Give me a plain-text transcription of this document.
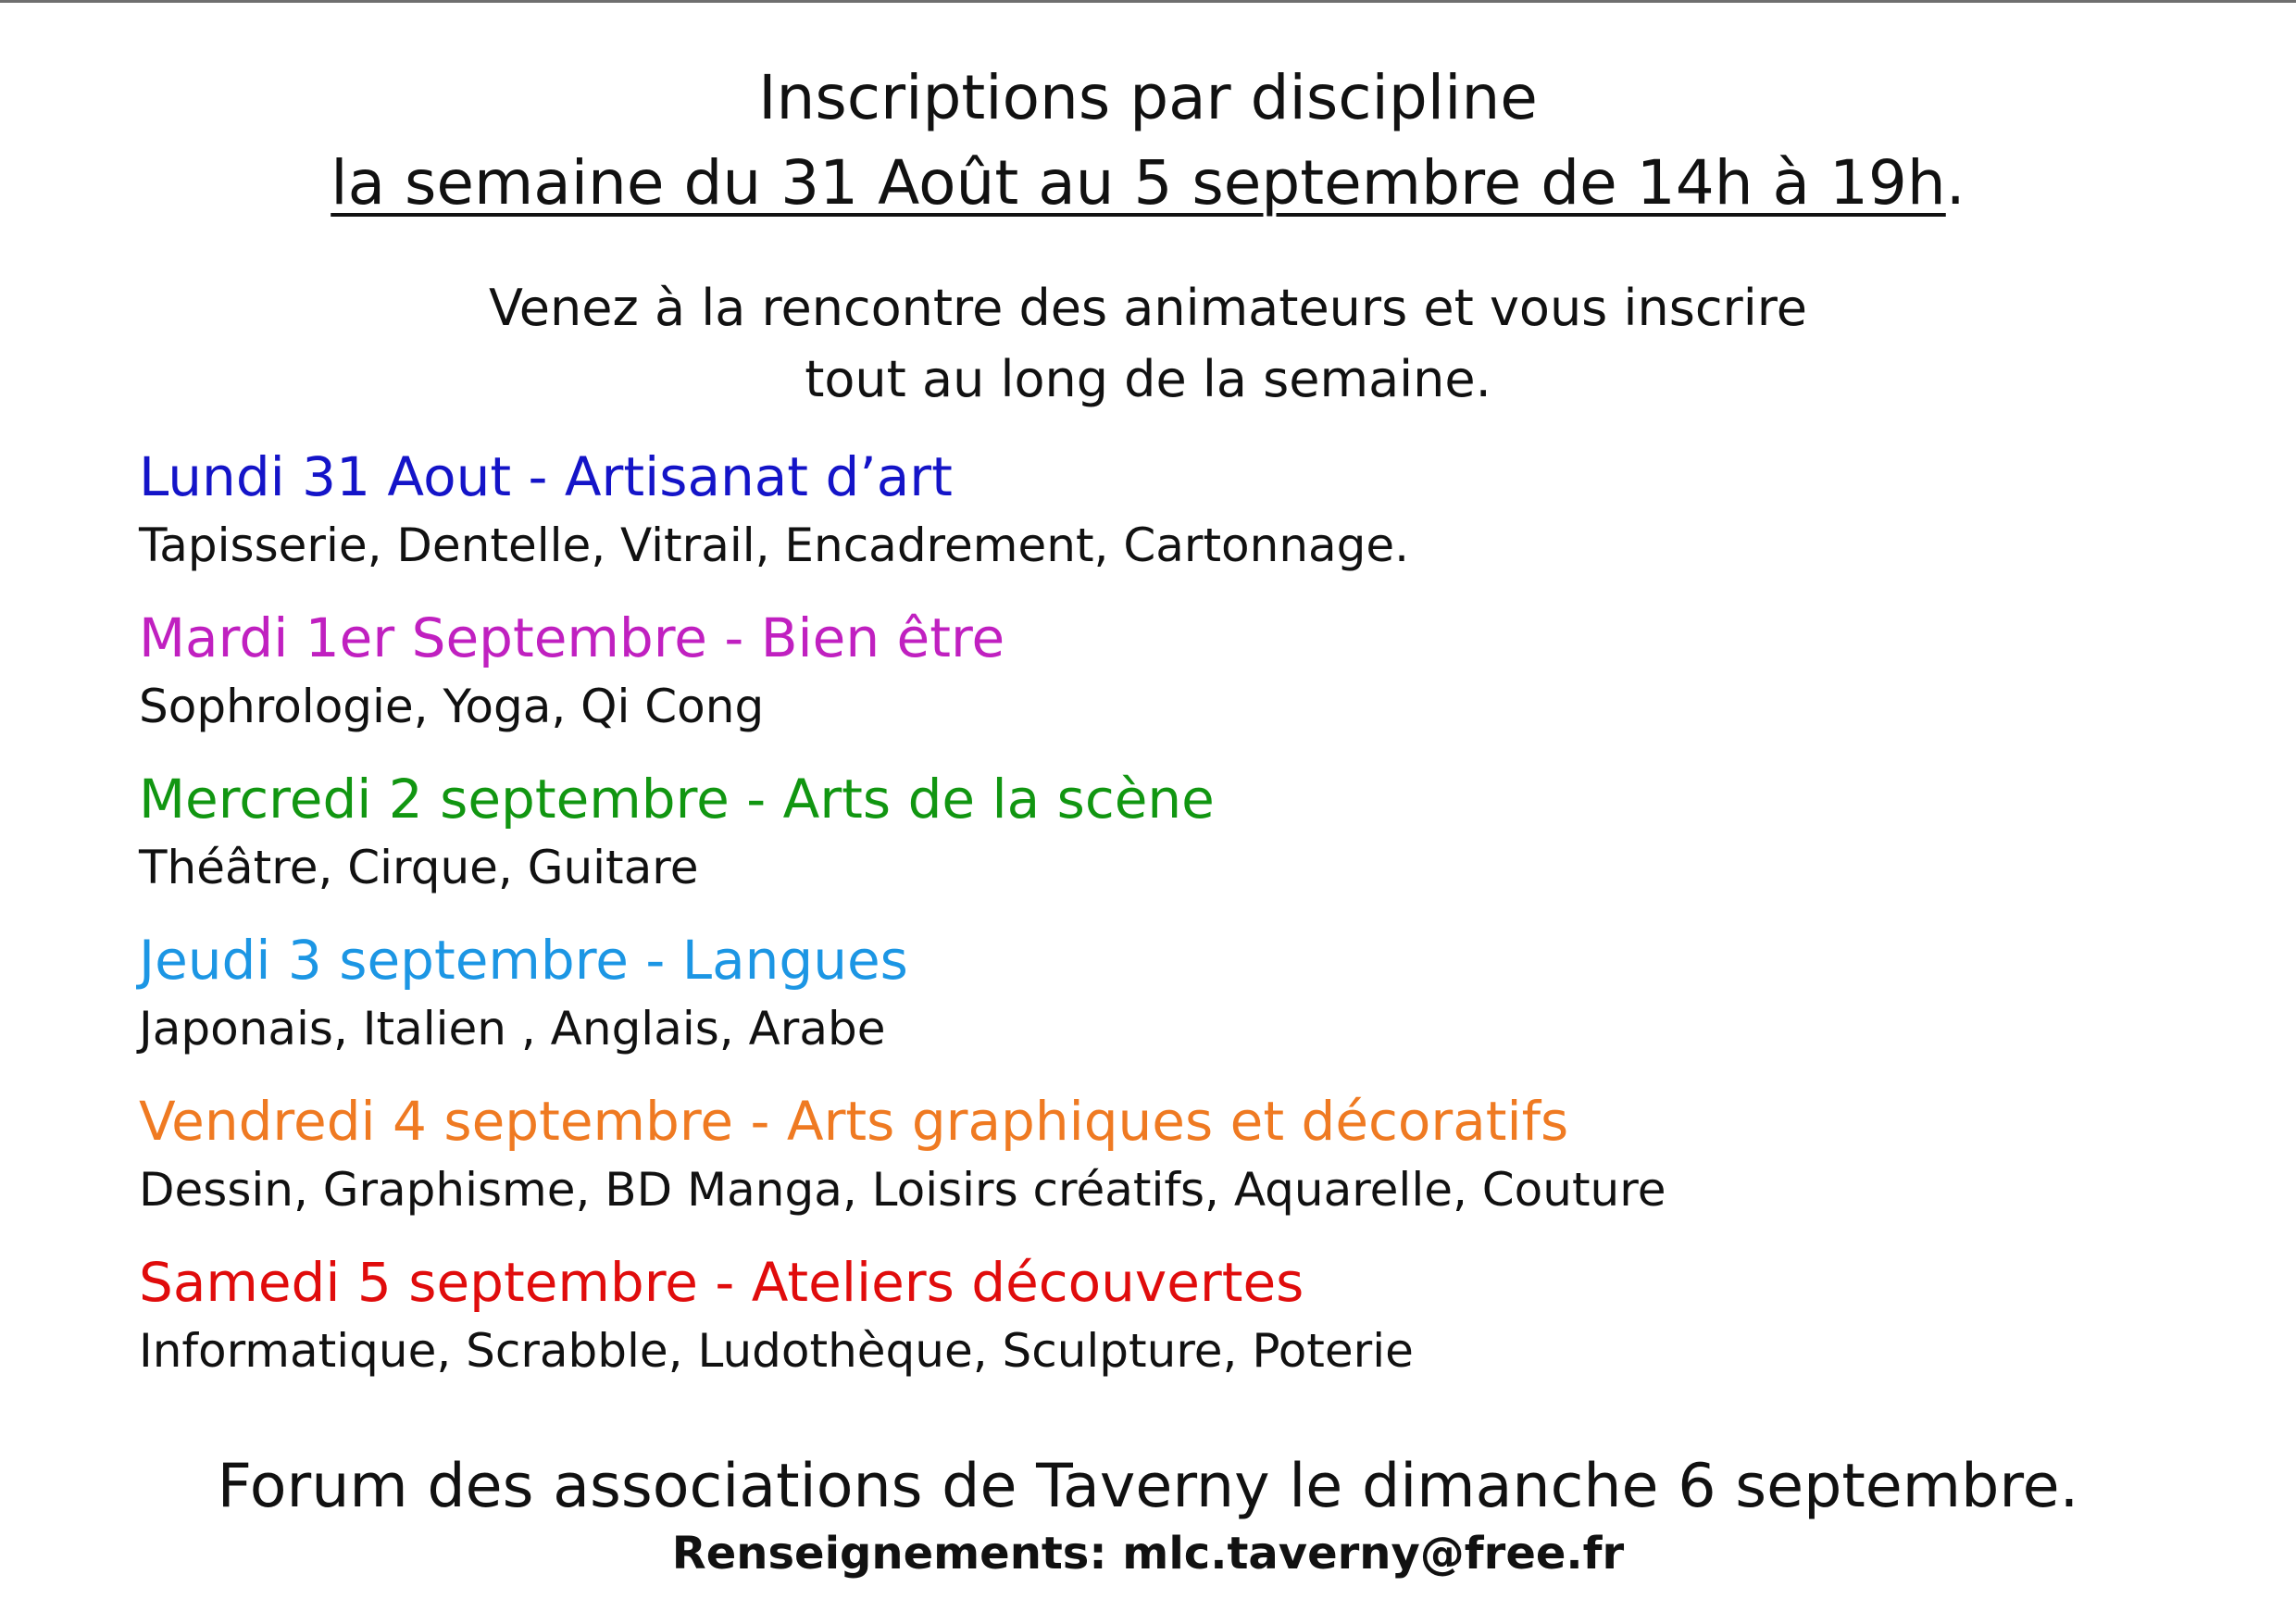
Inscriptions par discipline
la semaine du 31 Août au 5 septembre de 14h à 19h.
Venez à la rencontre des animateurs et vous inscrire
tout au long de la semaine.
Lundi 31 Aout - Artisanat d’art
Tapisserie, Dentelle, Vitrail, Encadrement, Cartonnage.
Mardi 1er Septembre - Bien être
Sophrologie, Yoga, Qi Cong
Mercredi 2 septembre - Arts de la scène
Théâtre, Cirque, Guitare
Jeudi 3 septembre - Langues
Japonais, Italien , Anglais, Arabe
Vendredi 4 septembre - Arts graphiques et décoratifs
Dessin, Graphisme, BD Manga, Loisirs créatifs, Aquarelle, Couture
Samedi 5 septembre - Ateliers découvertes
Informatique, Scrabble, Ludothèque, Sculpture, Poterie
Forum des associations de Taverny le dimanche 6 septembre.
Renseignements: mlc.taverny@free.fr
